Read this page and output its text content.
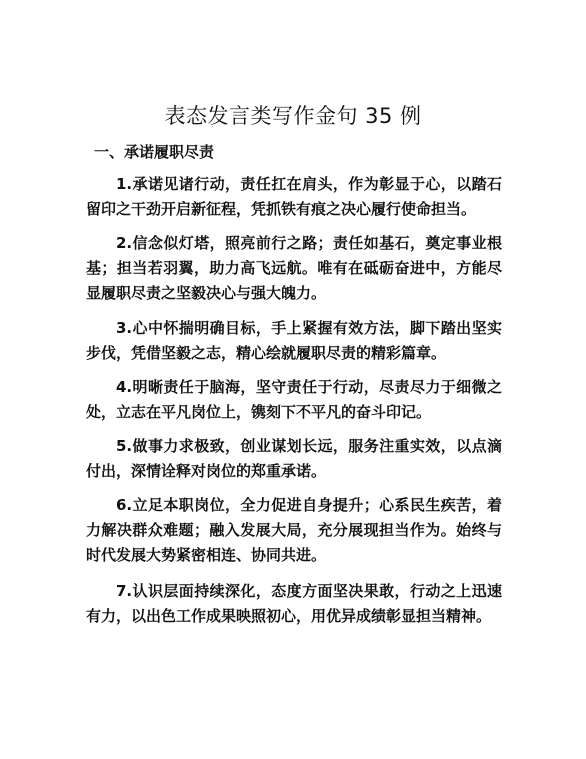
表态发言类写作金句 35 例
一、承诺履职尽责

1.承诺见诸行动，责任扛在肩头，作为彰显于心，以踏石留印之干劲开启新征程，凭抓铁有痕之决心履行使命担当。

2.信念似灯塔，照亮前行之路；责任如基石，奠定事业根基；担当若羽翼，助力高飞远航。唯有在砥砺奋进中，方能尽显履职尽责之坚毅决心与强大魄力。

3.心中怀揣明确目标，手上紧握有效方法，脚下踏出坚实步伐，凭借坚毅之志，精心绘就履职尽责的精彩篇章。

4.明晰责任于脑海，坚守责任于行动，尽责尽力于细微之处，立志在平凡岗位上，镌刻下不平凡的奋斗印记。

5.做事力求极致，创业谋划长远，服务注重实效，以点滴付出，深情诠释对岗位的郑重承诺。

6.立足本职岗位，全力促进自身提升；心系民生疾苦，着力解决群众难题；融入发展大局，充分展现担当作为。始终与时代发展大势紧密相连、协同共进。

7.认识层面持续深化，态度方面坚决果敢，行动之上迅速有力，以出色工作成果映照初心，用优异成绩彰显担当精神。
